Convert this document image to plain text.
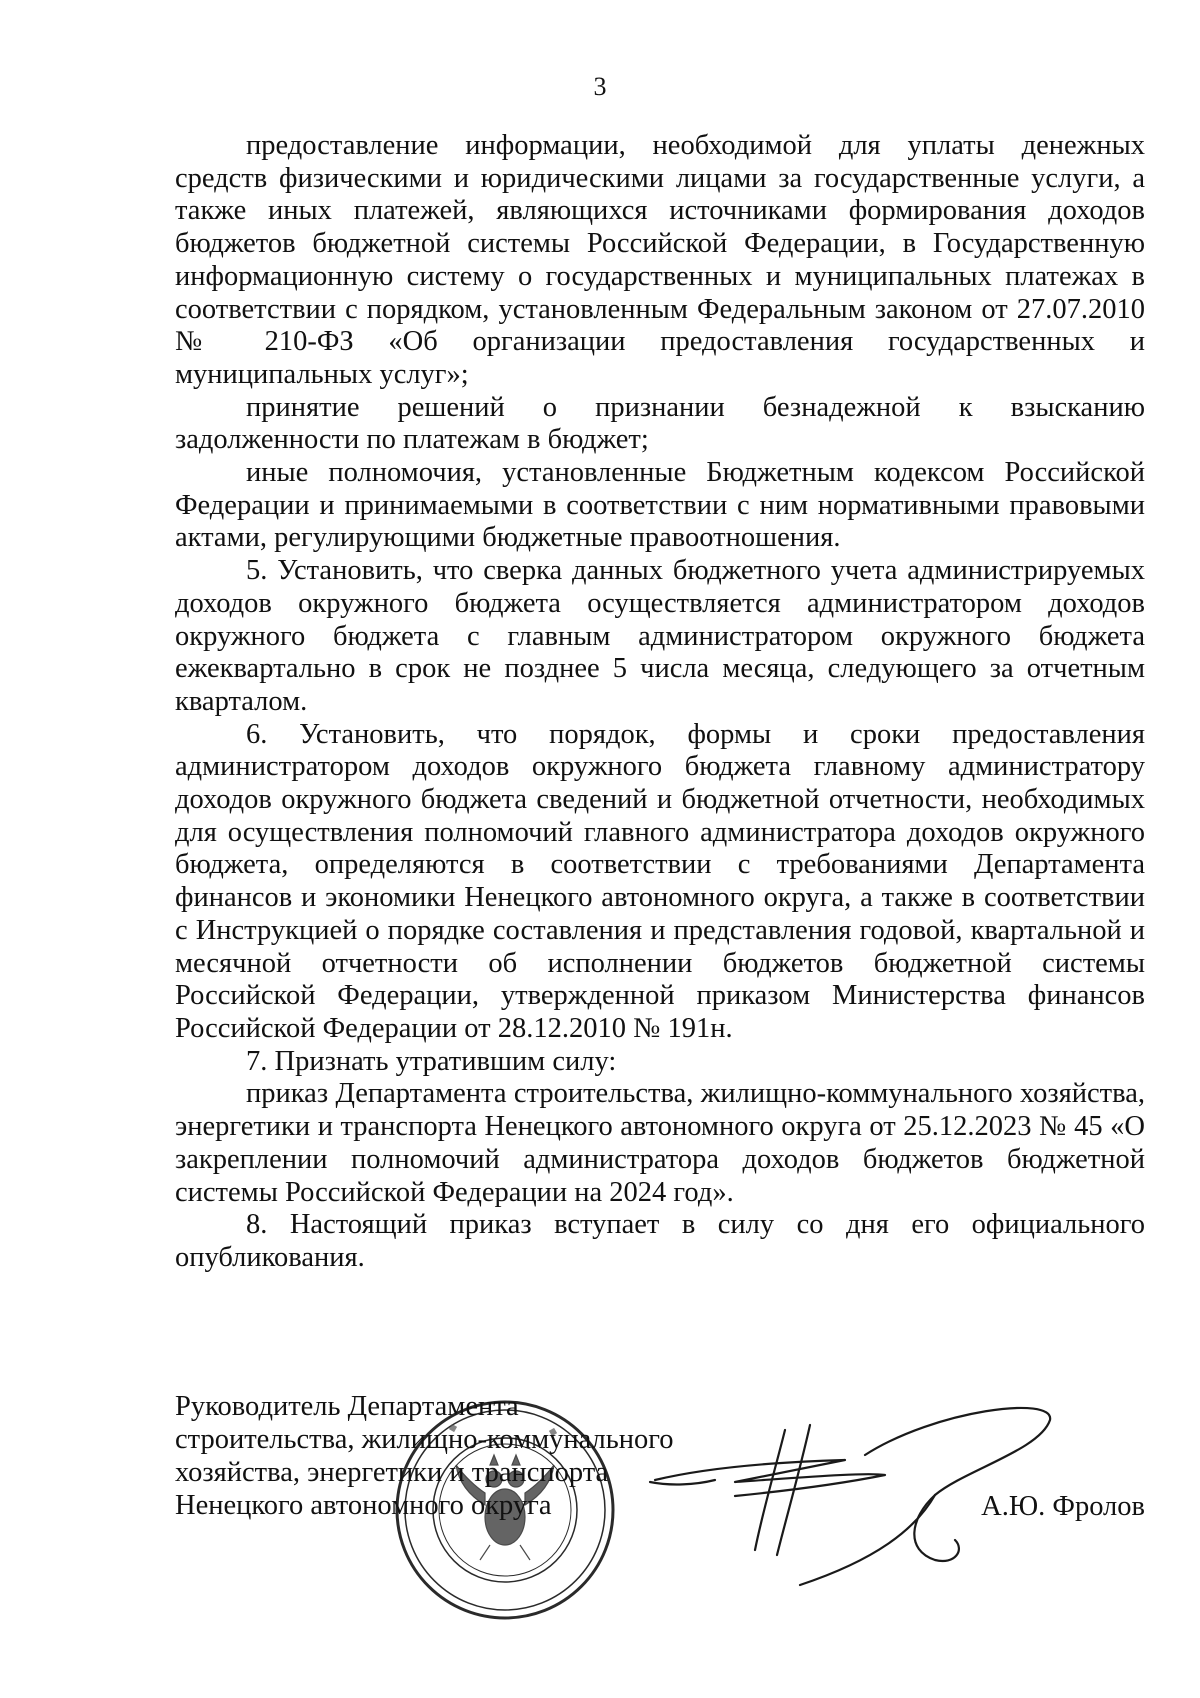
3

предоставление информации, необходимой для уплаты денежных средств физическими и юридическими лицами за государственные услуги, а также иных платежей, являющихся источниками формирования доходов бюджетов бюджетной системы Российской Федерации, в Государственную информационную систему о государственных и муниципальных платежах в соответствии с порядком, установленным Федеральным законом от 27.07.2010 № 210-ФЗ «Об организации предоставления государственных и муниципальных услуг»;

принятие решений о признании безнадежной к взысканию задолженности по платежам в бюджет;

иные полномочия, установленные Бюджетным кодексом Российской Федерации и принимаемыми в соответствии с ним нормативными правовыми актами, регулирующими бюджетные правоотношения.

5. Установить, что сверка данных бюджетного учета администрируемых доходов окружного бюджета осуществляется администратором доходов окружного бюджета с главным администратором окружного бюджета ежеквартально в срок не позднее 5 числа месяца, следующего за отчетным кварталом.

6. Установить, что порядок, формы и сроки предоставления администратором доходов окружного бюджета главному администратору доходов окружного бюджета сведений и бюджетной отчетности, необходимых для осуществления полномочий главного администратора доходов окружного бюджета, определяются в соответствии с требованиями Департамента финансов и экономики Ненецкого автономного округа, а также в соответствии с Инструкцией о порядке составления и представления годовой, квартальной и месячной отчетности об исполнении бюджетов бюджетной системы Российской Федерации, утвержденной приказом Министерства финансов Российской Федерации от 28.12.2010 № 191н.

7. Признать утратившим силу:

приказ Департамента строительства, жилищно-коммунального хозяйства, энергетики и транспорта Ненецкого автономного округа от 25.12.2023 № 45 «О закреплении полномочий администратора доходов бюджетов бюджетной системы Российской Федерации на 2024 год».

8. Настоящий приказ вступает в силу со дня его официального опубликования.

Руководитель Департамента
строительства, жилищно-коммунального
хозяйства, энергетики и транспорта
Ненецкого автономного округа	А.Ю. Фролов
